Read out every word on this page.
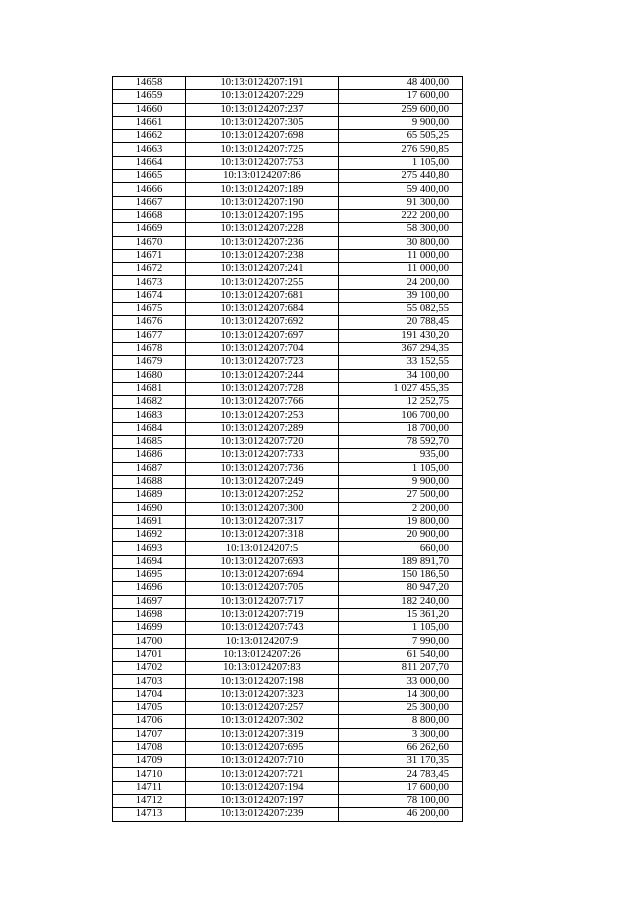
14658	10:13:0124207:191	48 400,00
14659	10:13:0124207:229	17 600,00
14660	10:13:0124207:237	259 600,00
14661	10:13:0124207:305	9 900,00
14662	10:13:0124207:698	65 505,25
14663	10:13:0124207:725	276 590,85
14664	10:13:0124207:753	1 105,00
14665	10:13:0124207:86	275 440,80
14666	10:13:0124207:189	59 400,00
14667	10:13:0124207:190	91 300,00
14668	10:13:0124207:195	222 200,00
14669	10:13:0124207:228	58 300,00
14670	10:13:0124207:236	30 800,00
14671	10:13:0124207:238	11 000,00
14672	10:13:0124207:241	11 000,00
14673	10:13:0124207:255	24 200,00
14674	10:13:0124207:681	39 100,00
14675	10:13:0124207:684	55 082,55
14676	10:13:0124207:692	20 788,45
14677	10:13:0124207:697	191 430,20
14678	10:13:0124207:704	367 294,35
14679	10:13:0124207:723	33 152,55
14680	10:13:0124207:244	34 100,00
14681	10:13:0124207:728	1 027 455,35
14682	10:13:0124207:766	12 252,75
14683	10:13:0124207:253	106 700,00
14684	10:13:0124207:289	18 700,00
14685	10:13:0124207:720	78 592,70
14686	10:13:0124207:733	935,00
14687	10:13:0124207:736	1 105,00
14688	10:13:0124207:249	9 900,00
14689	10:13:0124207:252	27 500,00
14690	10:13:0124207:300	2 200,00
14691	10:13:0124207:317	19 800,00
14692	10:13:0124207:318	20 900,00
14693	10:13:0124207:5	660,00
14694	10:13:0124207:693	189 891,70
14695	10:13:0124207:694	150 186,50
14696	10:13:0124207:705	80 947,20
14697	10:13:0124207:717	182 240,00
14698	10:13:0124207:719	15 361,20
14699	10:13:0124207:743	1 105,00
14700	10:13:0124207:9	7 990,00
14701	10:13:0124207:26	61 540,00
14702	10:13:0124207:83	811 207,70
14703	10:13:0124207:198	33 000,00
14704	10:13:0124207:323	14 300,00
14705	10:13:0124207:257	25 300,00
14706	10:13:0124207:302	8 800,00
14707	10:13:0124207:319	3 300,00
14708	10:13:0124207:695	66 262,60
14709	10:13:0124207:710	31 170,35
14710	10:13:0124207:721	24 783,45
14711	10:13:0124207:194	17 600,00
14712	10:13:0124207:197	78 100,00
14713	10:13:0124207:239	46 200,00
